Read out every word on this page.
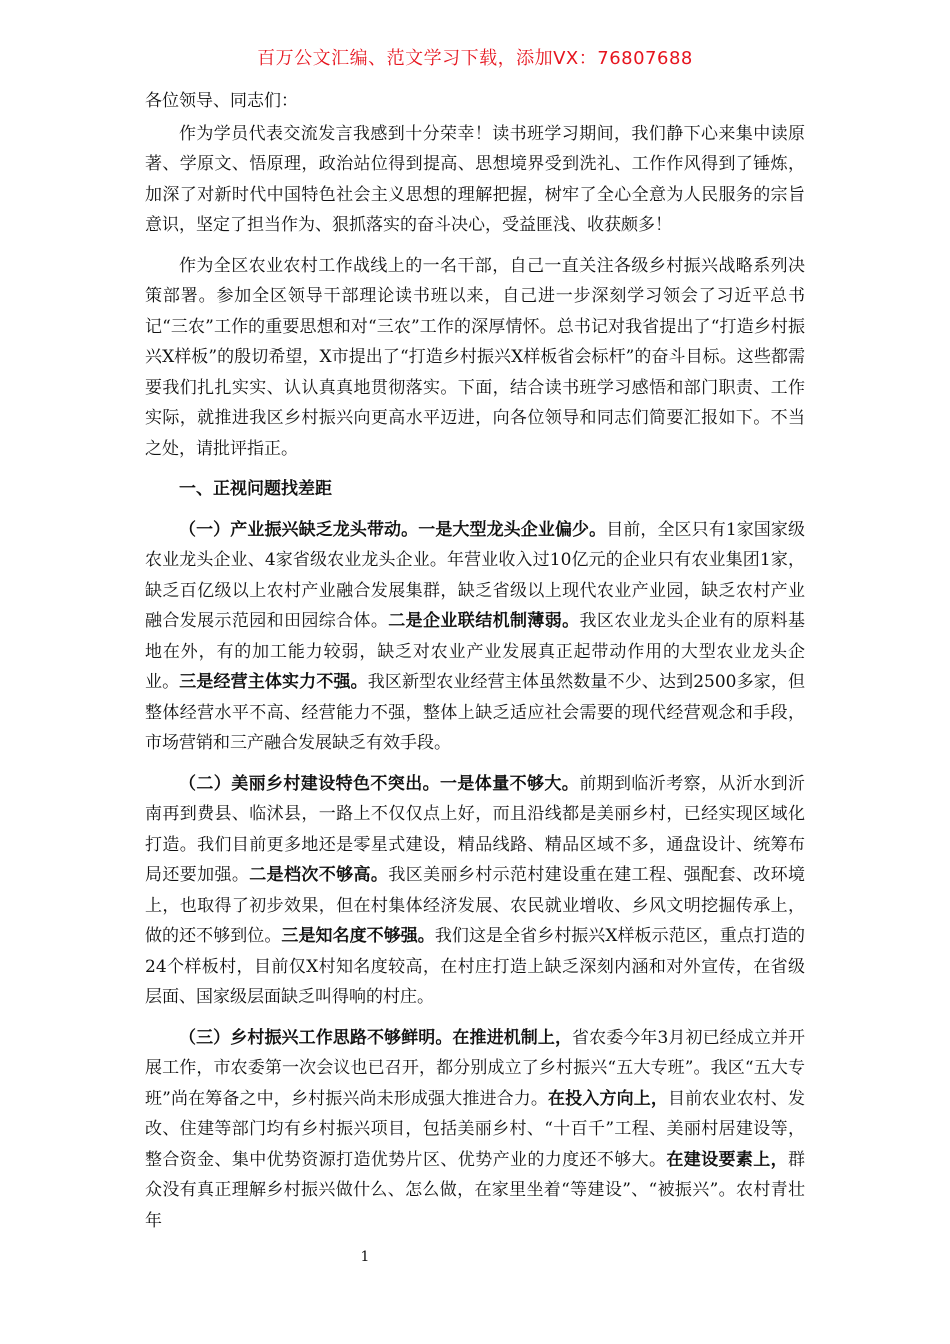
百万公文汇编、范文学习下载，添加VX：76807688

各位领导、同志们：

作为学员代表交流发言我感到十分荣幸！读书班学习期间，我们静下心来集中读原著、学原文、悟原理，政治站位得到提高、思想境界受到洗礼、工作作风得到了锤炼，加深了对新时代中国特色社会主义思想的理解把握，树牢了全心全意为人民服务的宗旨意识，坚定了担当作为、狠抓落实的奋斗决心，受益匪浅、收获颇多！

作为全区农业农村工作战线上的一名干部，自己一直关注各级乡村振兴战略系列决策部署。参加全区领导干部理论读书班以来，自己进一步深刻学习领会了习近平总书记“三农”工作的重要思想和对“三农”工作的深厚情怀。总书记对我省提出了“打造乡村振兴X样板”的殷切希望，X市提出了“打造乡村振兴X样板省会标杆”的奋斗目标。这些都需要我们扎扎实实、认认真真地贯彻落实。下面，结合读书班学习感悟和部门职责、工作实际，就推进我区乡村振兴向更高水平迈进，向各位领导和同志们简要汇报如下。不当之处，请批评指正。

一、正视问题找差距

（一）产业振兴缺乏龙头带动。一是大型龙头企业偏少。目前，全区只有1家国家级农业龙头企业、4家省级农业龙头企业。年营业收入过10亿元的企业只有农业集团1家，缺乏百亿级以上农村产业融合发展集群，缺乏省级以上现代农业产业园，缺乏农村产业融合发展示范园和田园综合体。二是企业联结机制薄弱。我区农业龙头企业有的原料基地在外，有的加工能力较弱，缺乏对农业产业发展真正起带动作用的大型农业龙头企业。三是经营主体实力不强。我区新型农业经营主体虽然数量不少、达到2500多家，但整体经营水平不高、经营能力不强，整体上缺乏适应社会需要的现代经营观念和手段，市场营销和三产融合发展缺乏有效手段。

（二）美丽乡村建设特色不突出。一是体量不够大。前期到临沂考察，从沂水到沂南再到费县、临沭县，一路上不仅仅点上好，而且沿线都是美丽乡村，已经实现区域化打造。我们目前更多地还是零星式建设，精品线路、精品区域不多，通盘设计、统筹布局还要加强。二是档次不够高。我区美丽乡村示范村建设重在建工程、强配套、改环境上，也取得了初步效果，但在村集体经济发展、农民就业增收、乡风文明挖掘传承上，做的还不够到位。三是知名度不够强。我们这是全省乡村振兴X样板示范区，重点打造的24个样板村，目前仅X村知名度较高，在村庄打造上缺乏深刻内涵和对外宣传，在省级层面、国家级层面缺乏叫得响的村庄。

（三）乡村振兴工作思路不够鲜明。在推进机制上，省农委今年3月初已经成立并开展工作，市农委第一次会议也已召开，都分别成立了乡村振兴“五大专班”。我区“五大专班”尚在筹备之中，乡村振兴尚未形成强大推进合力。在投入方向上，目前农业农村、发改、住建等部门均有乡村振兴项目，包括美丽乡村、“十百千”工程、美丽村居建设等，整合资金、集中优势资源打造优势片区、优势产业的力度还不够大。在建设要素上，群众没有真正理解乡村振兴做什么、怎么做，在家里坐着“等建设”、“被振兴”。农村青壮年

1
